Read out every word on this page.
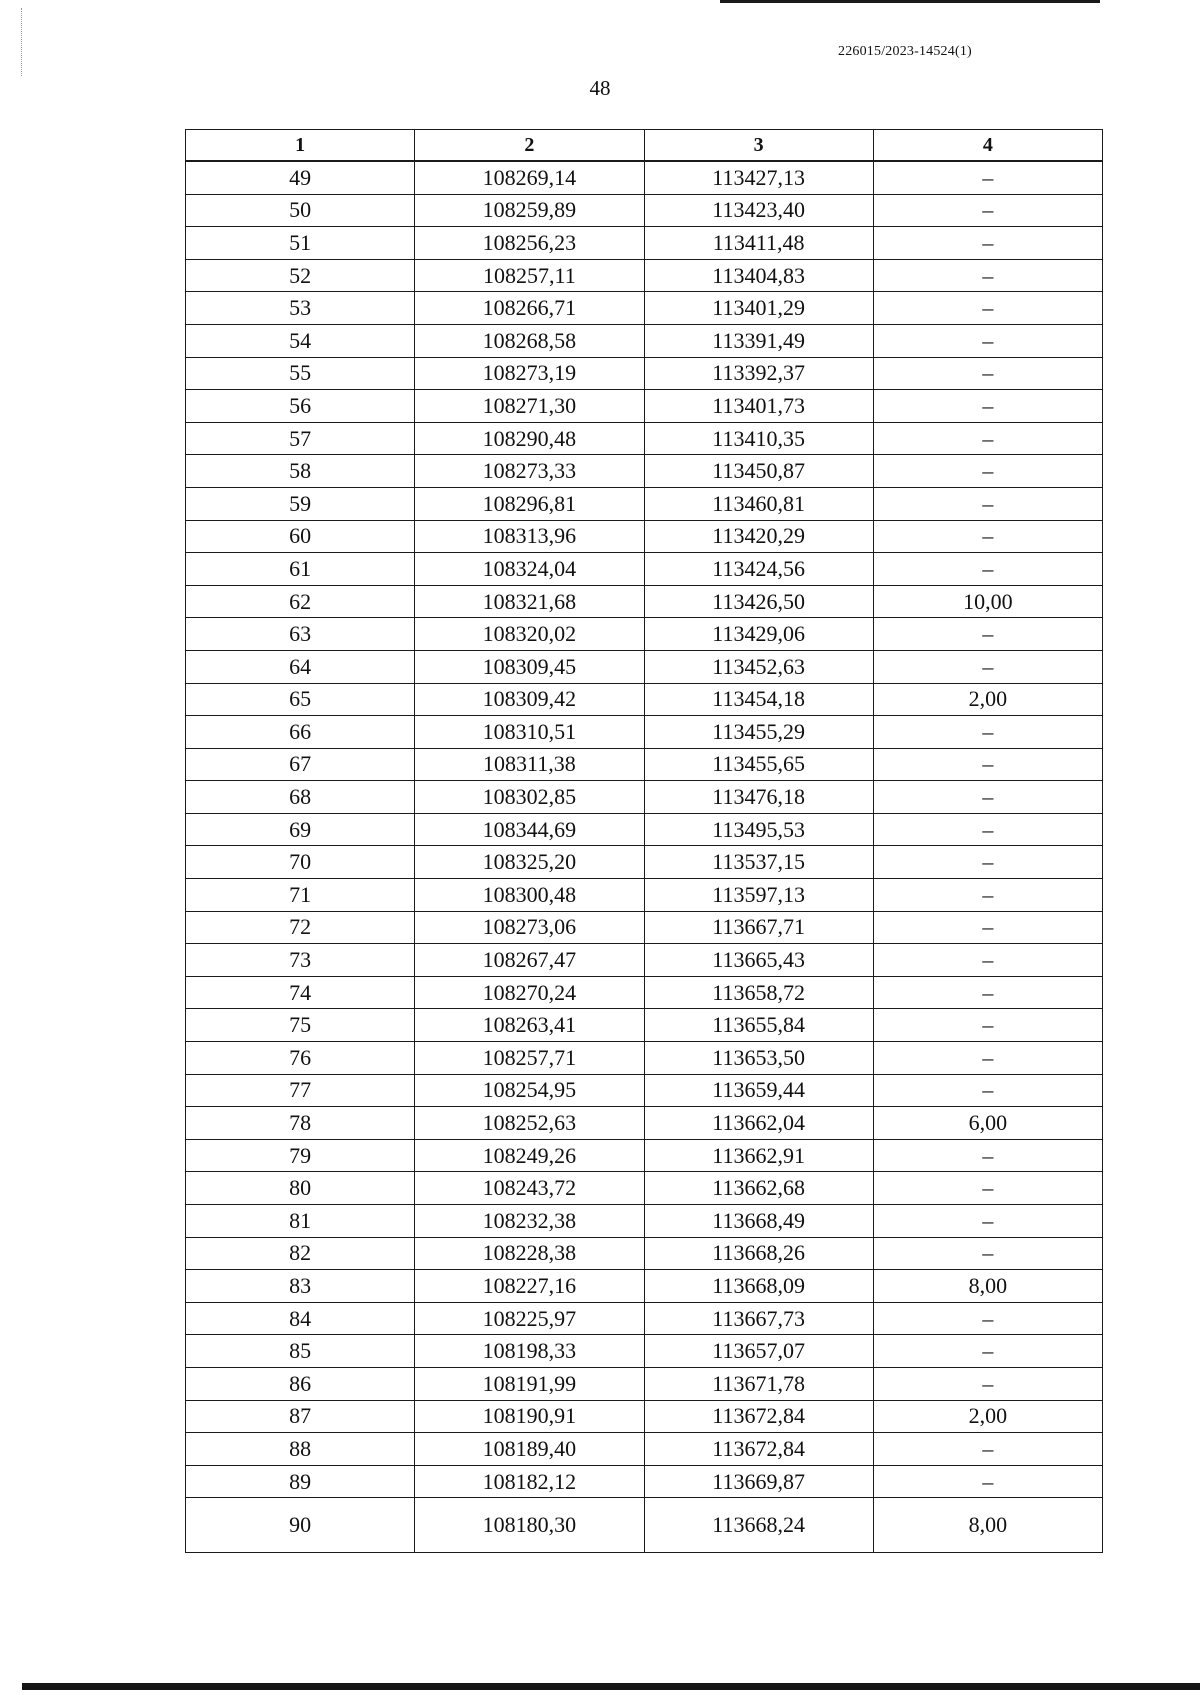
226015/2023-14524(1)
48
1	2	3	4
49	108269,14	113427,13	–
50	108259,89	113423,40	–
51	108256,23	113411,48	–
52	108257,11	113404,83	–
53	108266,71	113401,29	–
54	108268,58	113391,49	–
55	108273,19	113392,37	–
56	108271,30	113401,73	–
57	108290,48	113410,35	–
58	108273,33	113450,87	–
59	108296,81	113460,81	–
60	108313,96	113420,29	–
61	108324,04	113424,56	–
62	108321,68	113426,50	10,00
63	108320,02	113429,06	–
64	108309,45	113452,63	–
65	108309,42	113454,18	2,00
66	108310,51	113455,29	–
67	108311,38	113455,65	–
68	108302,85	113476,18	–
69	108344,69	113495,53	–
70	108325,20	113537,15	–
71	108300,48	113597,13	–
72	108273,06	113667,71	–
73	108267,47	113665,43	–
74	108270,24	113658,72	–
75	108263,41	113655,84	–
76	108257,71	113653,50	–
77	108254,95	113659,44	–
78	108252,63	113662,04	6,00
79	108249,26	113662,91	–
80	108243,72	113662,68	–
81	108232,38	113668,49	–
82	108228,38	113668,26	–
83	108227,16	113668,09	8,00
84	108225,97	113667,73	–
85	108198,33	113657,07	–
86	108191,99	113671,78	–
87	108190,91	113672,84	2,00
88	108189,40	113672,84	–
89	108182,12	113669,87	–
90	108180,30	113668,24	8,00
